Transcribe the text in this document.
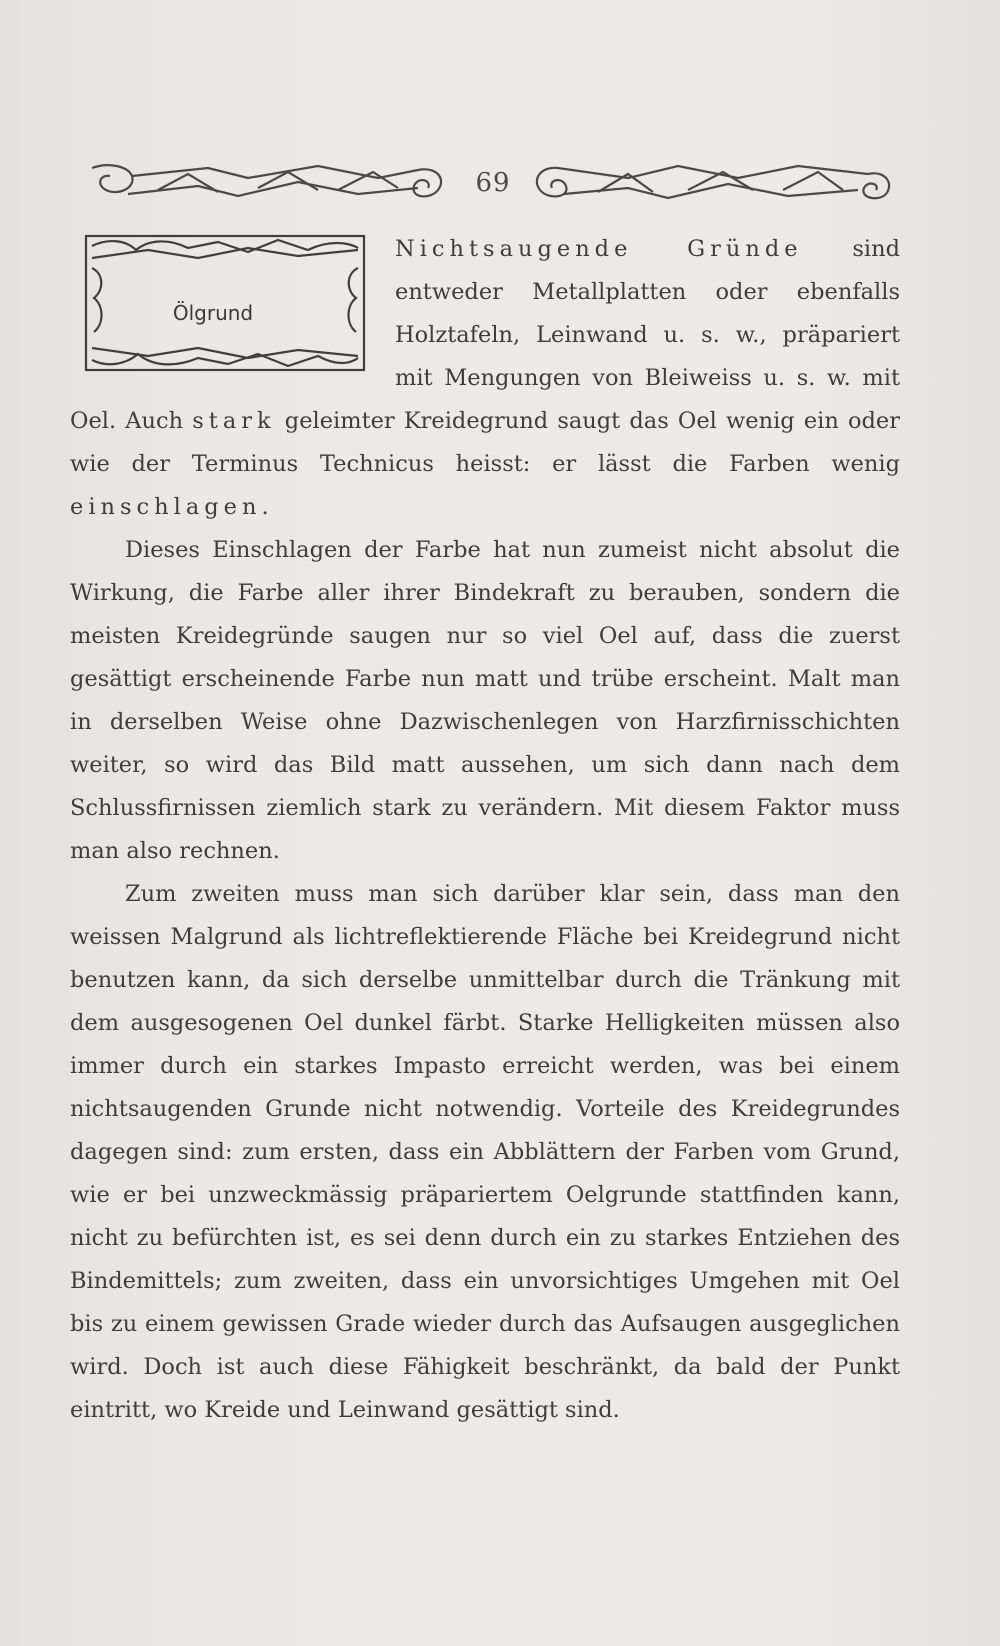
69

Ölgrund
Nichtsaugende Gründe sind entweder Metallplatten oder ebenfalls Holztafeln, Leinwand u. s. w., präpariert mit Mengungen von Bleiweiss u. s. w. mit Oel. Auch stark geleimter Kreidegrund saugt das Oel wenig ein oder wie der Terminus Technicus heisst: er lässt die Farben wenig einschlagen.

Dieses Einschlagen der Farbe hat nun zumeist nicht absolut die Wirkung, die Farbe aller ihrer Bindekraft zu berauben, sondern die meisten Kreidegründe saugen nur so viel Oel auf, dass die zuerst gesättigt erscheinende Farbe nun matt und trübe erscheint. Malt man in derselben Weise ohne Dazwischenlegen von Harzfirnisschichten weiter, so wird das Bild matt aussehen, um sich dann nach dem Schlussfirnissen ziemlich stark zu verändern. Mit diesem Faktor muss man also rechnen.

Zum zweiten muss man sich darüber klar sein, dass man den weissen Malgrund als lichtreflektierende Fläche bei Kreidegrund nicht benutzen kann, da sich derselbe unmittelbar durch die Tränkung mit dem ausgesogenen Oel dunkel färbt. Starke Helligkeiten müssen also immer durch ein starkes Impasto erreicht werden, was bei einem nichtsaugenden Grunde nicht notwendig. Vorteile des Kreidegrundes dagegen sind: zum ersten, dass ein Abblättern der Farben vom Grund, wie er bei unzweckmässig präpariertem Oelgrunde stattfinden kann, nicht zu befürchten ist, es sei denn durch ein zu starkes Entziehen des Bindemittels; zum zweiten, dass ein unvorsichtiges Umgehen mit Oel bis zu einem gewissen Grade wieder durch das Aufsaugen ausgeglichen wird. Doch ist auch diese Fähigkeit beschränkt, da bald der Punkt eintritt, wo Kreide und Leinwand gesättigt sind.
